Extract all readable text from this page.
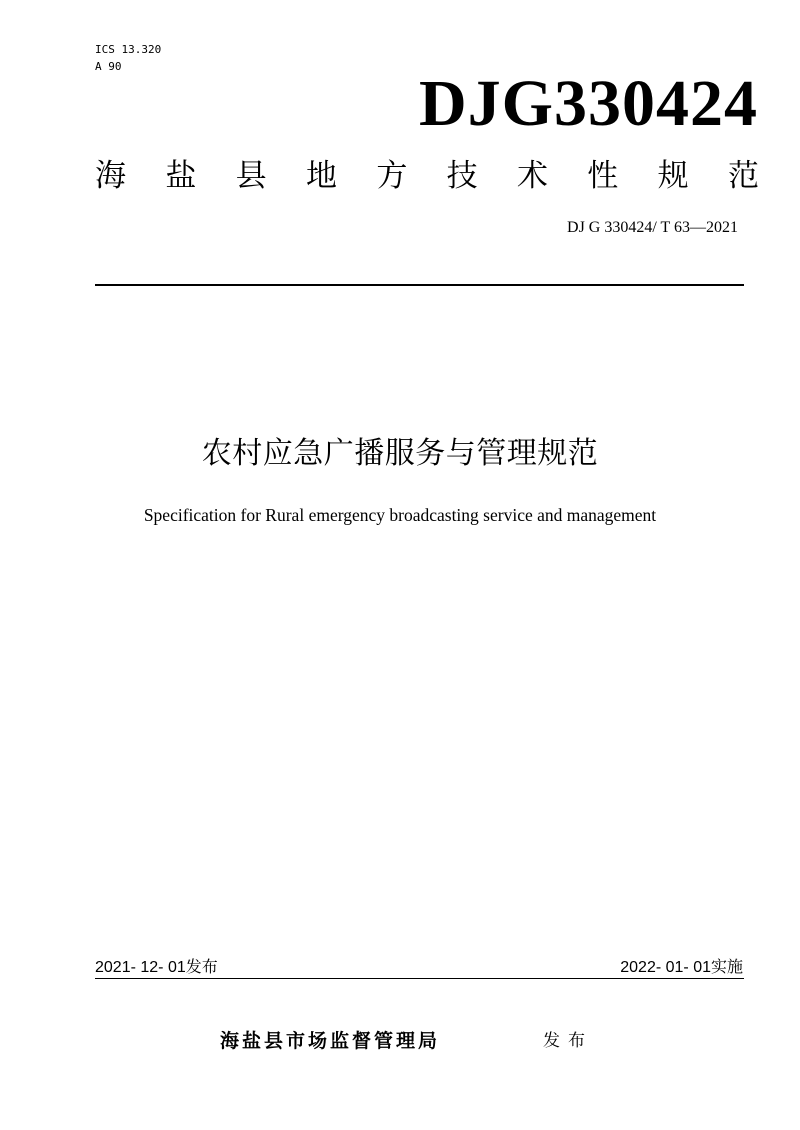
ICS 13.320
A 90
DJG330424
海 盐 县 地 方 技 术 性 规 范
DJ G 330424/ T 63—2021
农村应急广播服务与管理规范
Specification for Rural emergency broadcasting service and management
2021- 12- 01发布	2022- 01- 01实施
海盐县市场监督管理局	发布
